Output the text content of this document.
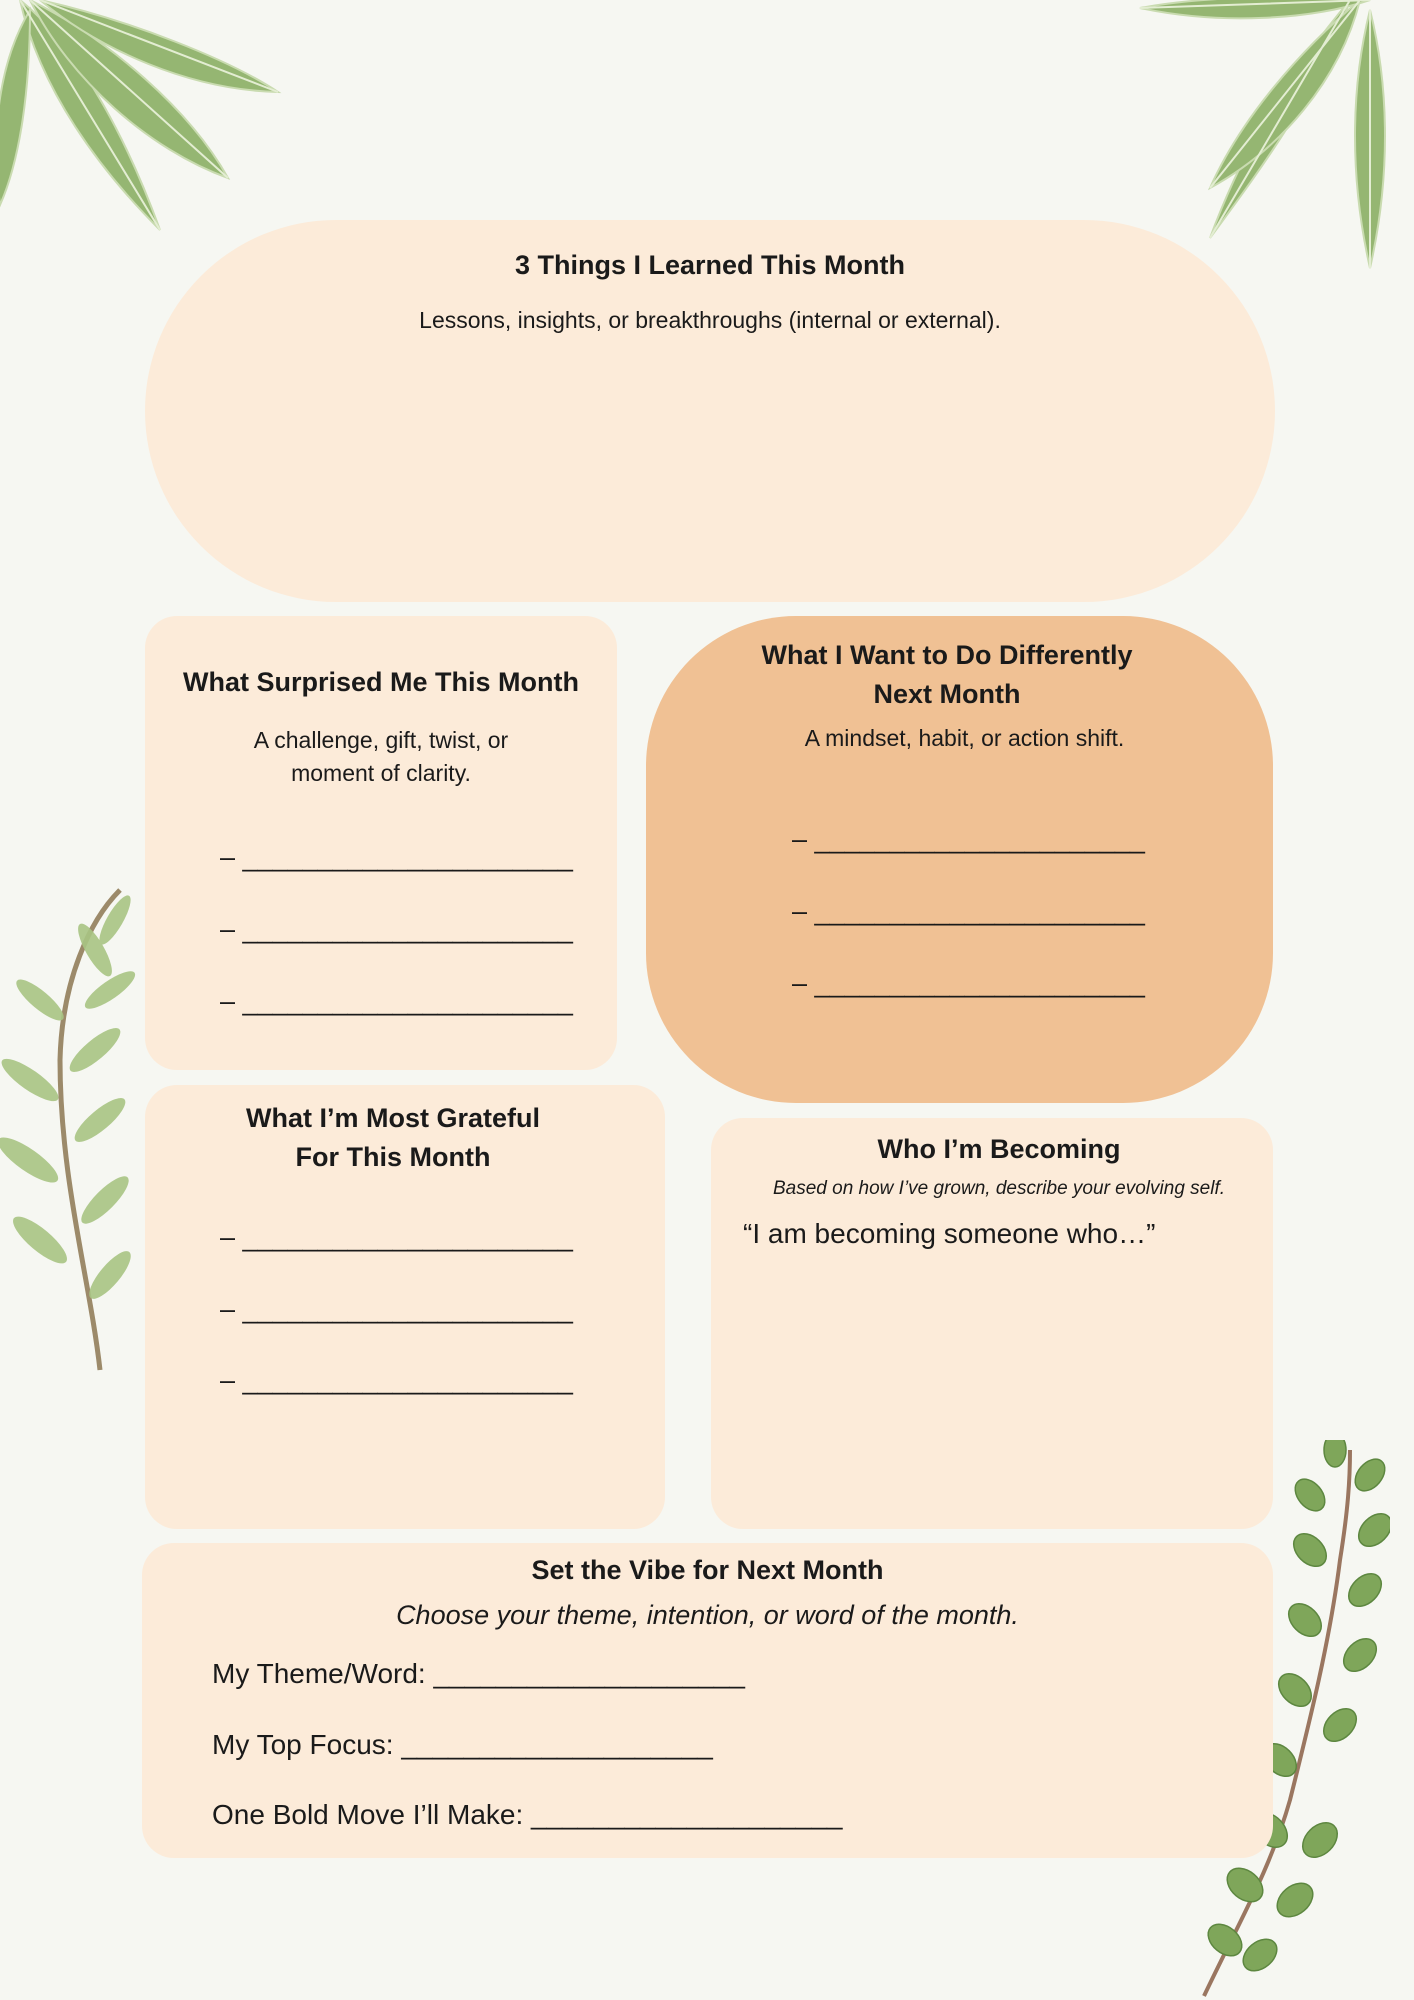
3 Things I Learned This Month
Lessons, insights, or breakthroughs (internal or external).
What Surprised Me This Month
A challenge, gift, twist, or
moment of clarity.
– ______________________
– ______________________
– ______________________
What I Want to Do Differently
Next Month
A mindset, habit, or action shift.
– ______________________
– ______________________
– ______________________
What I’m Most Grateful
For This Month
– ______________________
– ______________________
– ______________________
Who I’m Becoming
Based on how I’ve grown, describe your evolving self.
“I am becoming someone who…”
Set the Vibe for Next Month
Choose your theme, intention, or word of the month.
My Theme/Word: ____________________
My Top Focus: ____________________
One Bold Move I’ll Make: ____________________
